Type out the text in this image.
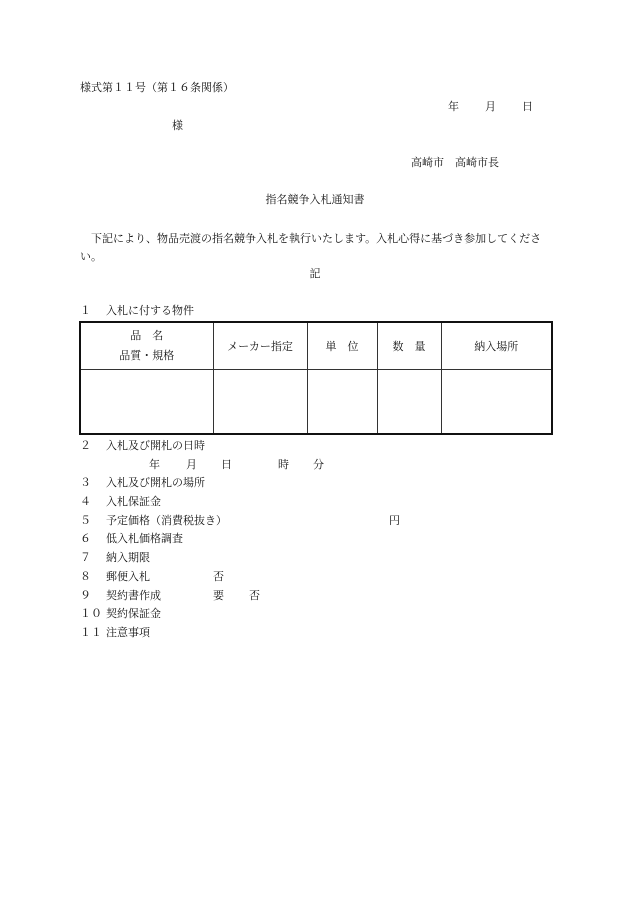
様式第１１号（第１６条関係）
年 月 日
様
高崎市　高崎市長
指名競争入札通知書
下記により、物品売渡の指名競争入札を執行いたします。入札心得に基づき参加してください。
記
１ 入札に付する物件
品　名
品質・規格	メーカー指定	単　位	数　量	納入場所

２ 入札及び開札の日時
年 月 日	時 分
３ 入札及び開札の場所
４ 入札保証金
５ 予定価格（消費税抜き）	円
６ 低入札価格調査
７ 納入期限
８ 郵便入札	否
９ 契約書作成	要 否
１０ 契約保証金
１１ 注意事項
